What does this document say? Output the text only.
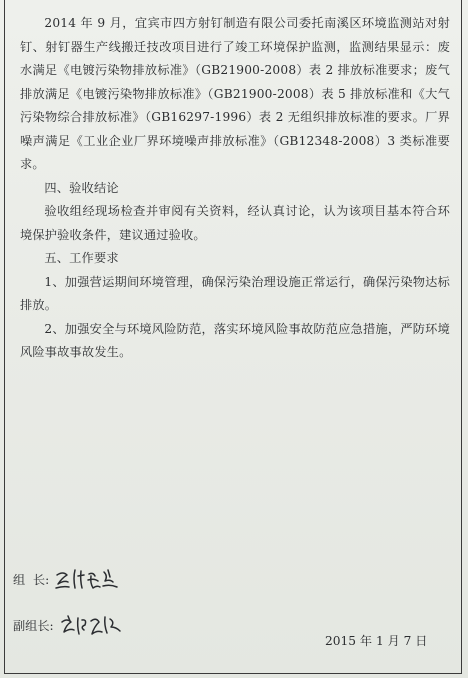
2014 年 9 月，宜宾市四方射钉制造有限公司委托南溪区环境监测站对射钉、射钉器生产线搬迁技改项目进行了竣工环境保护监测，监测结果显示：废水满足《电镀污染物排放标准》（GB21900-2008）表 2 排放标准要求；废气排放满足《电镀污染物排放标准》（GB21900-2008）表 5 排放标准和《大气污染物综合排放标准》（GB16297-1996）表 2 无组织排放标准的要求。厂界噪声满足《工业企业厂界环境噪声排放标准》（GB12348-2008）3 类标准要求。

四、验收结论

验收组经现场检查并审阅有关资料，经认真讨论，认为该项目基本符合环境保护验收条件，建议通过验收。

五、工作要求

1、加强营运期间环境管理，确保污染治理设施正常运行，确保污染物达标排放。

2、加强安全与环境风险防范，落实环境风险事故防范应急措施，严防环境风险事故事故发生。

组  长:
副组长:
2015 年 1 月 7 日
